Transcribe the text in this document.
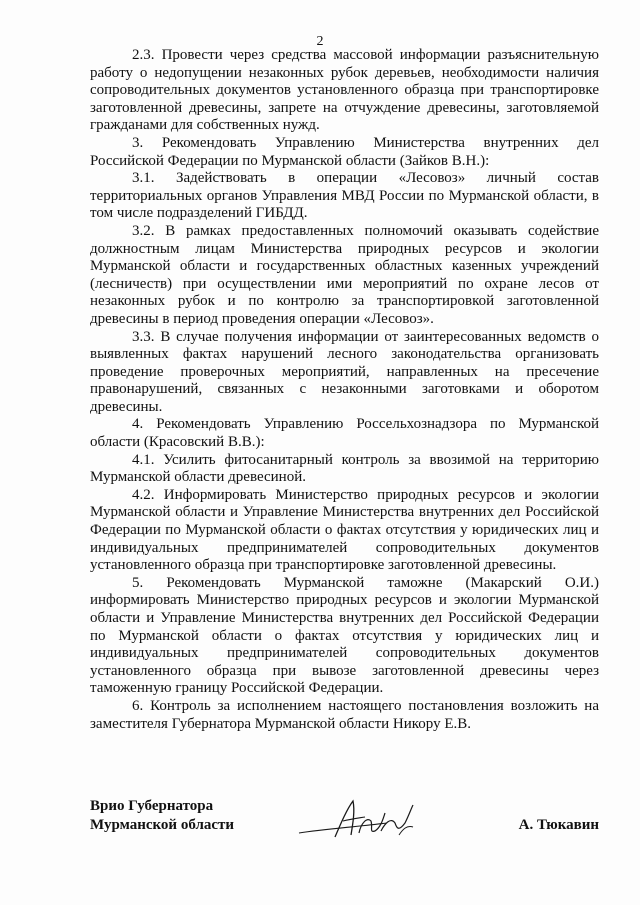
2

2.3. Провести через средства массовой информации разъяснительную работу о недопущении незаконных рубок деревьев, необходимости наличия сопроводительных документов установленного образца при транспортировке заготовленной древесины, запрете на отчуждение древесины, заготовляемой гражданами для собственных нужд.

3. Рекомендовать Управлению Министерства внутренних дел Российской Федерации по Мурманской области (Зайков В.Н.):

3.1. Задействовать в операции «Лесовоз» личный состав территориальных органов Управления МВД России по Мурманской области, в том числе подразделений ГИБДД.

3.2. В рамках предоставленных полномочий оказывать содействие должностным лицам Министерства природных ресурсов и экологии Мурманской области и государственных областных казенных учреждений (лесничеств) при осуществлении ими мероприятий по охране лесов от незаконных рубок и по контролю за транспортировкой заготовленной древесины в период проведения операции «Лесовоз».

3.3. В случае получения информации от заинтересованных ведомств о выявленных фактах нарушений лесного законодательства организовать проведение проверочных мероприятий, направленных на пресечение правонарушений, связанных с незаконными заготовками и оборотом древесины.

4. Рекомендовать Управлению Россельхознадзора по Мурманской области (Красовский В.В.):

4.1. Усилить фитосанитарный контроль за ввозимой на территорию Мурманской области древесиной.

4.2. Информировать Министерство природных ресурсов и экологии Мурманской области и Управление Министерства внутренних дел Российской Федерации по Мурманской области о фактах отсутствия у юридических лиц и индивидуальных предпринимателей сопроводительных документов установленного образца при транспортировке заготовленной древесины.

5. Рекомендовать Мурманской таможне (Макарский О.И.) информировать Министерство природных ресурсов и экологии Мурманской области и Управление Министерства внутренних дел Российской Федерации по Мурманской области о фактах отсутствия у юридических лиц и индивидуальных предпринимателей сопроводительных документов установленного образца при вывозе заготовленной древесины через таможенную границу Российской Федерации.

6. Контроль за исполнением настоящего постановления возложить на заместителя Губернатора Мурманской области Никору Е.В.

Врио Губернатора
Мурманской области	А. Тюкавин
